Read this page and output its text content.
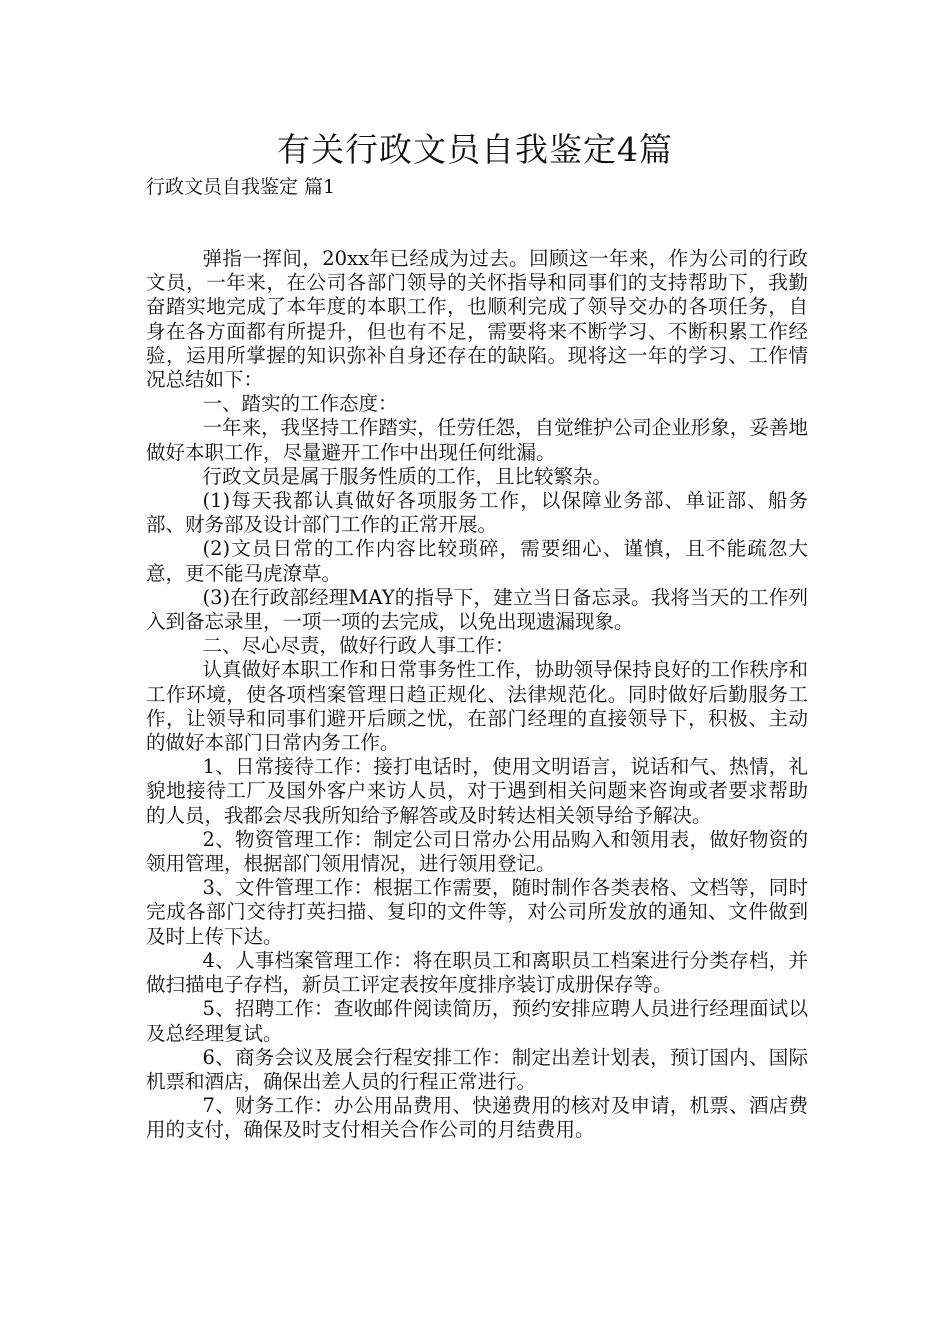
有关行政文员自我鉴定4篇
行政文员自我鉴定 篇1

弹指一挥间，20xx年已经成为过去。回顾这一年来，作为公司的行政文员，一年来，在公司各部门领导的关怀指导和同事们的支持帮助下，我勤奋踏实地完成了本年度的本职工作，也顺利完成了领导交办的各项任务，自身在各方面都有所提升，但也有不足，需要将来不断学习、不断积累工作经验，运用所掌握的知识弥补自身还存在的缺陷。现将这一年的学习、工作情况总结如下：

一、踏实的工作态度：

一年来，我坚持工作踏实，任劳任怨，自觉维护公司企业形象，妥善地做好本职工作，尽量避开工作中出现任何纰漏。

行政文员是属于服务性质的工作，且比较繁杂。

(1)每天我都认真做好各项服务工作，以保障业务部、单证部、船务部、财务部及设计部门工作的正常开展。

(2)文员日常的工作内容比较琐碎，需要细心、谨慎，且不能疏忽大意，更不能马虎潦草。

(3)在行政部经理MAY的指导下，建立当日备忘录。我将当天的工作列入到备忘录里，一项一项的去完成，以免出现遗漏现象。

二、尽心尽责，做好行政人事工作：

认真做好本职工作和日常事务性工作，协助领导保持良好的工作秩序和工作环境，使各项档案管理日趋正规化、法律规范化。同时做好后勤服务工作，让领导和同事们避开后顾之忧，在部门经理的直接领导下，积极、主动的做好本部门日常内务工作。

1、日常接待工作：接打电话时，使用文明语言，说话和气、热情，礼貌地接待工厂及国外客户来访人员，对于遇到相关问题来咨询或者要求帮助的人员，我都会尽我所知给予解答或及时转达相关领导给予解决。

2、物资管理工作：制定公司日常办公用品购入和领用表，做好物资的领用管理，根据部门领用情况，进行领用登记。

3、文件管理工作：根据工作需要，随时制作各类表格、文档等，同时完成各部门交待打英扫描、复印的文件等，对公司所发放的通知、文件做到及时上传下达。

4、人事档案管理工作：将在职员工和离职员工档案进行分类存档，并做扫描电子存档，新员工评定表按年度排序装订成册保存等。

5、招聘工作：查收邮件阅读简历，预约安排应聘人员进行经理面试以及总经理复试。

6、商务会议及展会行程安排工作：制定出差计划表，预订国内、国际机票和酒店，确保出差人员的行程正常进行。

7、财务工作：办公用品费用、快递费用的核对及申请，机票、酒店费用的支付，确保及时支付相关合作公司的月结费用。
